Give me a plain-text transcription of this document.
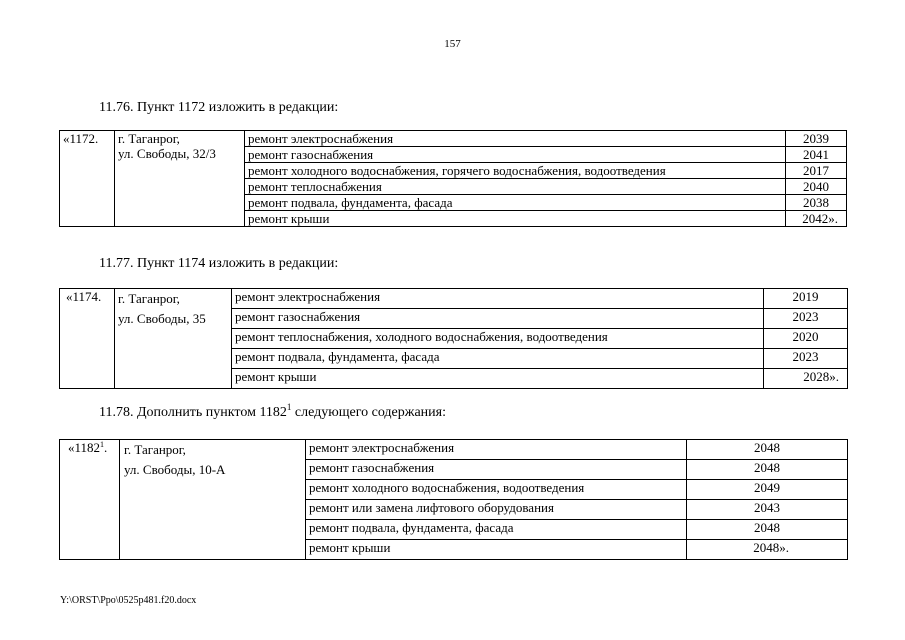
157
11.76. Пункт 1172 изложить в редакции:
«1172.	г. Таганрог,
ул. Свободы, 32/3	ремонт электроснабжения	2039
		ремонт газоснабжения	2041
		ремонт холодного водоснабжения, горячего водоснабжения, водоотведения	2017
		ремонт теплоснабжения	2040
		ремонт подвала, фундамента, фасада	2038
		ремонт крыши	2042».
11.77. Пункт 1174 изложить в редакции:
«1174.	г. Таганрог,
ул. Свободы, 35	ремонт электроснабжения	2019
		ремонт газоснабжения	2023
		ремонт теплоснабжения, холодного водоснабжения, водоотведения	2020
		ремонт подвала, фундамента, фасада	2023
		ремонт крыши	2028».
11.78. Дополнить пунктом 1182$^1$ следующего содержания:
«1182$^1$.	г. Таганрог,
ул. Свободы, 10-А	ремонт электроснабжения	2048
		ремонт газоснабжения	2048
		ремонт холодного водоснабжения, водоотведения	2049
		ремонт или замена лифтового оборудования	2043
		ремонт подвала, фундамента, фасада	2048
		ремонт крыши	2048».
Y:\ORST\Ppo\0525p481.f20.docx
